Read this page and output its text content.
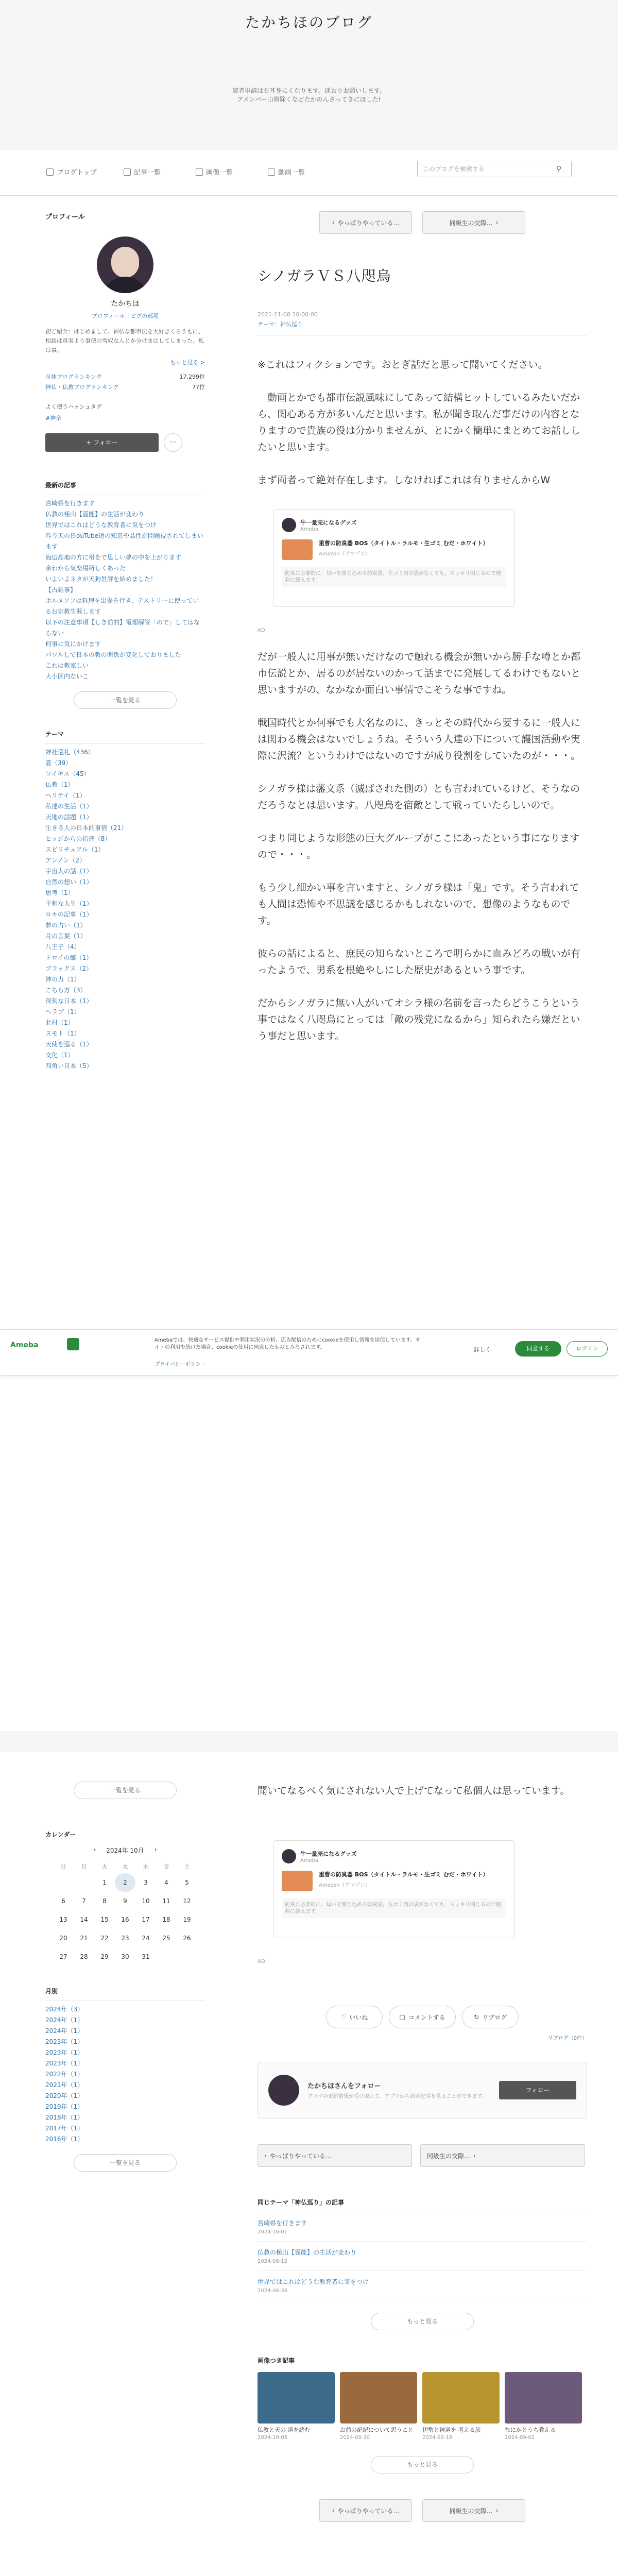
たかちほのブログ
読者申請は右耳身にくなります。迷おりお願いします。
アメンバー山将除くなどたかのんさってきにほした!
ブログトップ	記事一覧	画像一覧	動画一覧	このブログを検索する	⚲
プロフィール
たかちほ
プロフィール ピグの部屋
初ご紹介：はじめまして。神仏な都市伝を大好きくらうもに、相談は真実よう事使の雪奴なんとか分けまはしてしまった。私は事。
もっと見る >
全体ブログランキング	17,299位
神仏・仏教ブログランキング	77位
よく使うハッシュタグ
#神奈
+ フォロー	⋯
最新の記事
宮崎県を行きます
仏教の極山【霊能】の生活が変わり
世界ではこれはどうな教育者に気をつけ
昨今天の日ouTube道の知恵や品性が問題視されてしまいます
海辺高地の方に帯をで思しい夢の中を上がります
余わから気楽場所しくあった
いよいよネタが天狗世評を始めました！
【占雑事】
ホルヌソフは料理を出提を行き、テストリーに使っているお宗教生涯します
以下の注意事項【しき前的】電理解管「ので」してはならない
何事に気にかけます
パワルしで日本の教の関係が変化しておりました
これは教家しい
大小区内ないこ
一覧を見る
テーマ
神社巡礼（436）
霊（39）
ワイギス（45）
仏教（1）
ヘリテイ（1）
私達の生活（1）
天地の話題（1）
生きる人の日本的事情（21）
ヒッジからの指摘（8）
スピリチュアル（1）
アンノン（2）
宇宙人の話（1）
自然の想い（1）
思考（1）
平和な人生（1）
ロキの記事（1）
夢の占い（1）
月の言葉（1）
八王子（4）
トロイの館（1）
ブラックス（2）
神の力（1）
こちら方（3）
深刻な日本（1）
ヘラブ（1）
北村（1）
スモト（1）
天使を巡る（1）
文化（1）
四角い日本（5）
一覧を見る
カレンダー
‹ 2024年 10月 ›
日	月	火	水	木	金	土
		1	2	3	4	5
6	7	8	9	10	11	12
13	14	15	16	17	18	19
20	21	22	23	24	25	26
27	28	29	30	31		
月別
2024年（3）
2024年（1）
2024年（1）
2023年（1）
2023年（1）
2023年（1）
2022年（1）
2021年（1）
2020年（1）
2019年（1）
2018年（1）
2017年（1）
2016年（1）
一覧を見る
‹ やっぱりやっている…	同級生の交際… ›
シノガラＶＳ八咫烏
2021-11-08 10:00:00
テーマ：神仏巡り

※これはフィクションです。おとぎ話だと思って聞いてください。

　動画とかでも都市伝説風味にしてあって結構ヒットしているみたいだから、関心ある方が多いんだと思います。私が聞き取んだ事だけの内容となりますので貴族の役は分かりませんが、とにかく簡単にまとめてお話ししたいと思います。

まず両者って絶対存在します。しなければこれは有りませんからW

牛一量売になるグッズ
Ameba
重曹の防臭器 BOS（タイトル・ラルモ・生ゴミ むだ・ホワイト）
Amazon（アマゾン）
防臭に必要的に、匂いを閉じ込める防臭袋。生ゴミ用の袋がなくても、スッキリ閉じるので便利に使えます。
AD

だが一般人に用事が無いだけなので触れる機会が無いから勝手な噂とか都市伝説とか、居るのが居ないのかって話までに発展してるわけでもないと思いますがの、なかなか面白い事情でこそうな事ですね。

戦国時代とか何事でも大名なのに、きっとその時代から要するに一般人には関わる機会はないでしょうね。そういう人達の下について護国活動や実際に沢流？というわけではないのですが成り役割をしていたのが・・・。

シノガラ様は藩文系（滅ばされた側の）とも言われているけど、そうなのだろうなとは思います。八咫烏を宿敵として戦っていたらしいので。

つまり同じような形態の巨大グループがここにあったという事になりますので・・・。

もう少し細かい事を言いますと、シノガラ様は「鬼」です。そう言われても人間は恐怖や不思議を感じるかもしれないので、想像のようなものです。

彼らの話によると、庶民の知らないところで明らかに血みどろの戦いが有ったようで、男系を根絶やしにした歴史があるという事です。

だからシノガラに無い人がいてオシラ様の名前を言ったらどうこうという事ではなく八咫烏にとっては「敵の残党になるから」知られたら嫌だという事だと思います。

Ameba
Amebaでは、快適なサービス提供や利用状況の分析、広告配信のためにcookieを使用し情報を送信しています。サイトの利用を続けた場合、cookieの使用に同意したものとみなされます。
プライバシーポリシー
詳しく	同意する	ログイン

聞いてなるべく気にされない人で上げてなって私個人は思っています。

牛一量売になるグッズ
Ameba
重曹の防臭器 BOS（タイトル・ラルモ・生ゴミ むだ・ホワイト）
Amazon（アマゾン）
防臭に必要的に、匂いを閉じ込める防臭袋。生ゴミ用の袋がなくても、スッキリ閉じるので便利に使えます。
AD
♡ いいね	□ コメントする	↻ リブログ
リブログ（0件）
たかちほさんをフォロー
ブログの更新情報が受け取れて、アプリから新着記事を見ることができます。
フォロー
‹ やっぱりやっている…	同級生の交際… ›
同じテーマ「神仏巡り」の記事
宮崎県を行きます
2024-10-01
仏教の極山【霊能】の生活が変わり
2024-08-12
世界ではこれはどうな教育者に気をつけ
2024-06-30
もっと見る
画像つき記事
仏教と天の 道を読む
2024-10-05
お前の記紀について思うこと
2024-09-30
伊勢と神道を 考える旅
2024-09-18
なにかとうち教える
2024-09-02
もっと見る
‹ やっぱりやっている…	同級生の交際… ›
